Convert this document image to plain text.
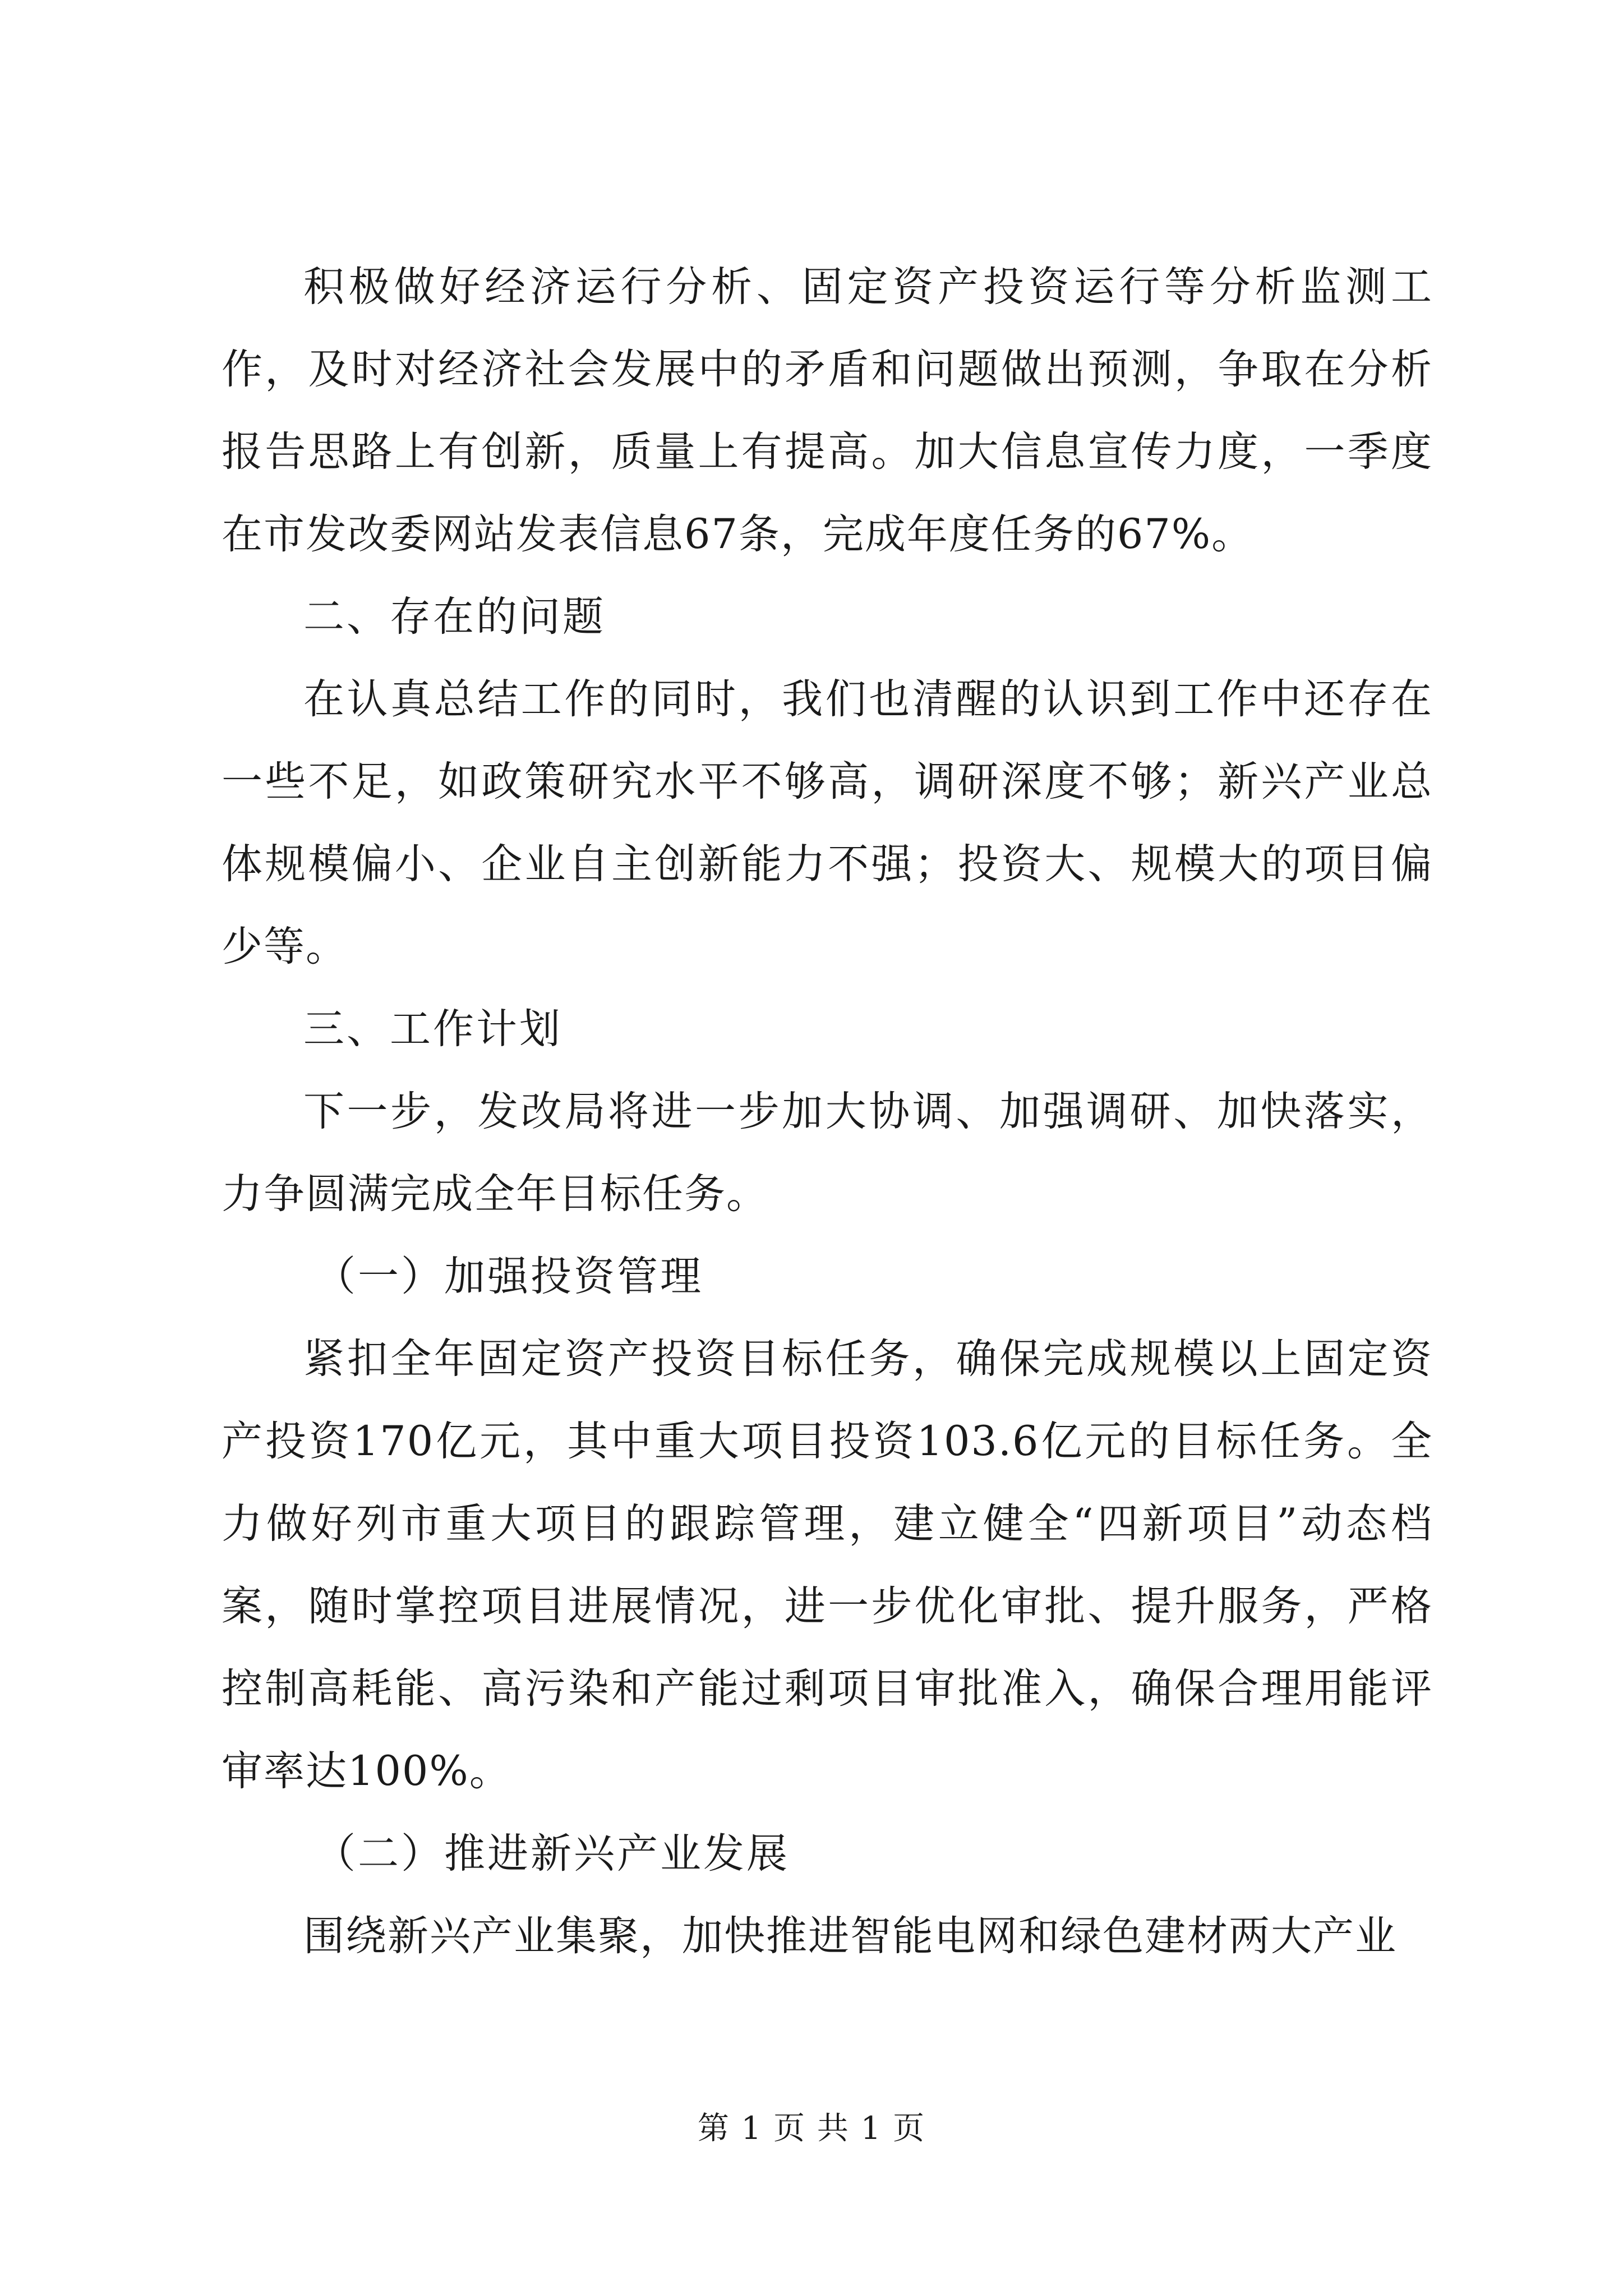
积极做好经济运行分析、固定资产投资运行等分析监测工作，及时对经济社会发展中的矛盾和问题做出预测，争取在分析报告思路上有创新，质量上有提高。加大信息宣传力度，一季度在市发改委网站发表信息67条，完成年度任务的67%。

二、存在的问题

在认真总结工作的同时，我们也清醒的认识到工作中还存在一些不足，如政策研究水平不够高，调研深度不够；新兴产业总体规模偏小、企业自主创新能力不强；投资大、规模大的项目偏少等。

三、工作计划

下一步，发改局将进一步加大协调、加强调研、加快落实，力争圆满完成全年目标任务。

（一）加强投资管理

紧扣全年固定资产投资目标任务，确保完成规模以上固定资产投资170亿元，其中重大项目投资103.6亿元的目标任务。全力做好列市重大项目的跟踪管理，建立健全“四新项目”动态档案，随时掌控项目进展情况，进一步优化审批、提升服务，严格控制高耗能、高污染和产能过剩项目审批准入，确保合理用能评审率达100%。

（二）推进新兴产业发展

围绕新兴产业集聚，加快推进智能电网和绿色建材两大产业

第 1 页 共 1 页
